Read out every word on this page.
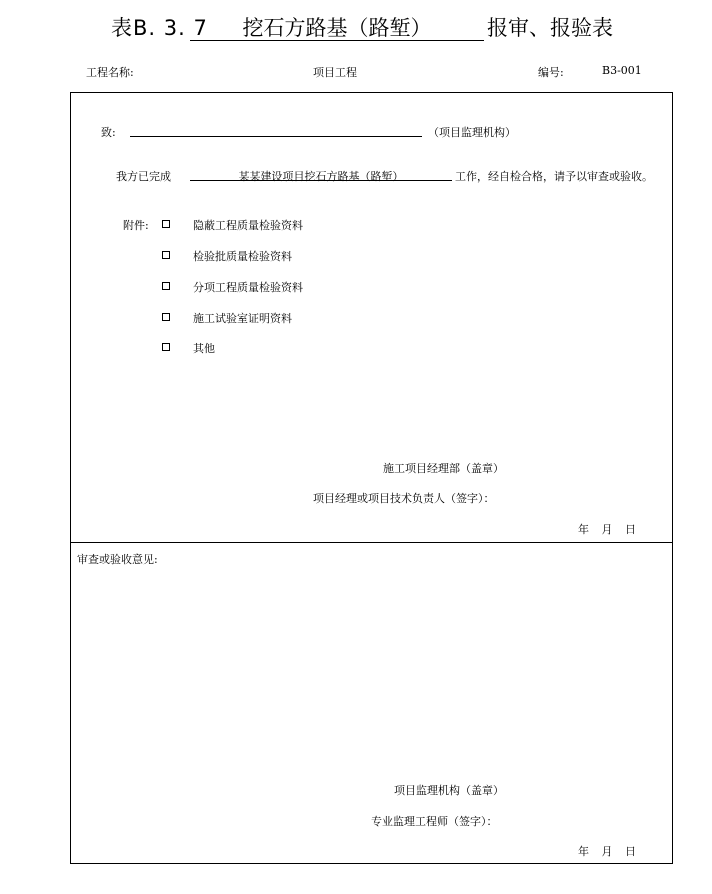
表B. 3. 7	挖石方路基（路堑）	报审、报验表
工程名称:	项目工程	编号:	B3-001
致:	（项目监理机构）
我方已完成	某某建设项目挖石方路基（路堑）	工作，经自检合格，请予以审查或验收。
附件:	隐蔽工程质量检验资料
检验批质量检验资料
分项工程质量检验资料
施工试验室证明资料
其他
施工项目经理部（盖章）
项目经理或项目技术负责人（签字）：
年 月 日
审查或验收意见:
项目监理机构（盖章）
专业监理工程师（签字）：
年 月 日
